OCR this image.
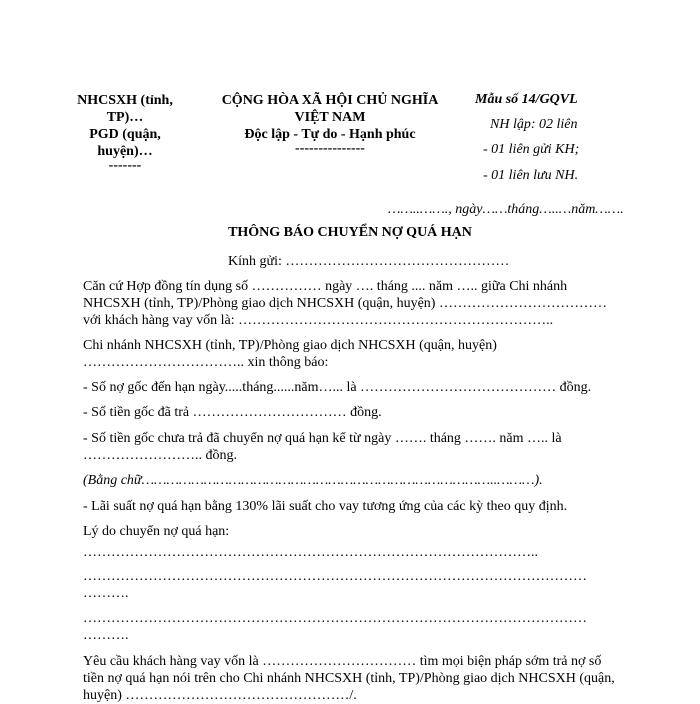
NHCSXH (tỉnh,
TP)…
PGD (quận,
huyện)…
-------
CỘNG HÒA XÃ HỘI CHỦ NGHĨA
VIỆT NAM
Độc lập - Tự do - Hạnh phúc
---------------
Mẫu số 14/GQVL
NH lập: 02 liên
- 01 liên gửi KH;
- 01 liên lưu NH.
……..……., ngày……tháng…..…năm…….
THÔNG BÁO CHUYỂN NỢ QUÁ HẠN
Kính gửi: …………………………………………
Căn cứ Hợp đồng tín dụng số …………… ngày …. tháng .... năm ….. giữa Chi nhánh
NHCSXH (tỉnh, TP)/Phòng giao dịch NHCSXH (quận, huyện) ………………………………
với khách hàng vay vốn là: …………………………………………………………..
Chi nhánh NHCSXH (tỉnh, TP)/Phòng giao dịch NHCSXH (quận, huyện)
…………………………….. xin thông báo:
- Số nợ gốc đến hạn ngày.....tháng......năm…... là …………………………………… đồng.
- Số tiền gốc đã trả …………………………… đồng.
- Số tiền gốc chưa trả đã chuyển nợ quá hạn kể từ ngày ……. tháng ……. năm ….. là
…………………….. đồng.
(Bằng chữ…………………………………………………………………………..………).
- Lãi suất nợ quá hạn bằng 130% lãi suất cho vay tương ứng của các kỳ theo quy định.
Lý do chuyển nợ quá hạn:
……………………………………………………………………………………..
………………………………………………………………………………………………
……….
………………………………………………………………………………………………
……….
Yêu cầu khách hàng vay vốn là …………………………… tìm mọi biện pháp sớm trả nợ số
tiền nợ quá hạn nói trên cho Chi nhánh NHCSXH (tỉnh, TP)/Phòng giao dịch NHCSXH (quận,
huyện) …………………………………………/.
